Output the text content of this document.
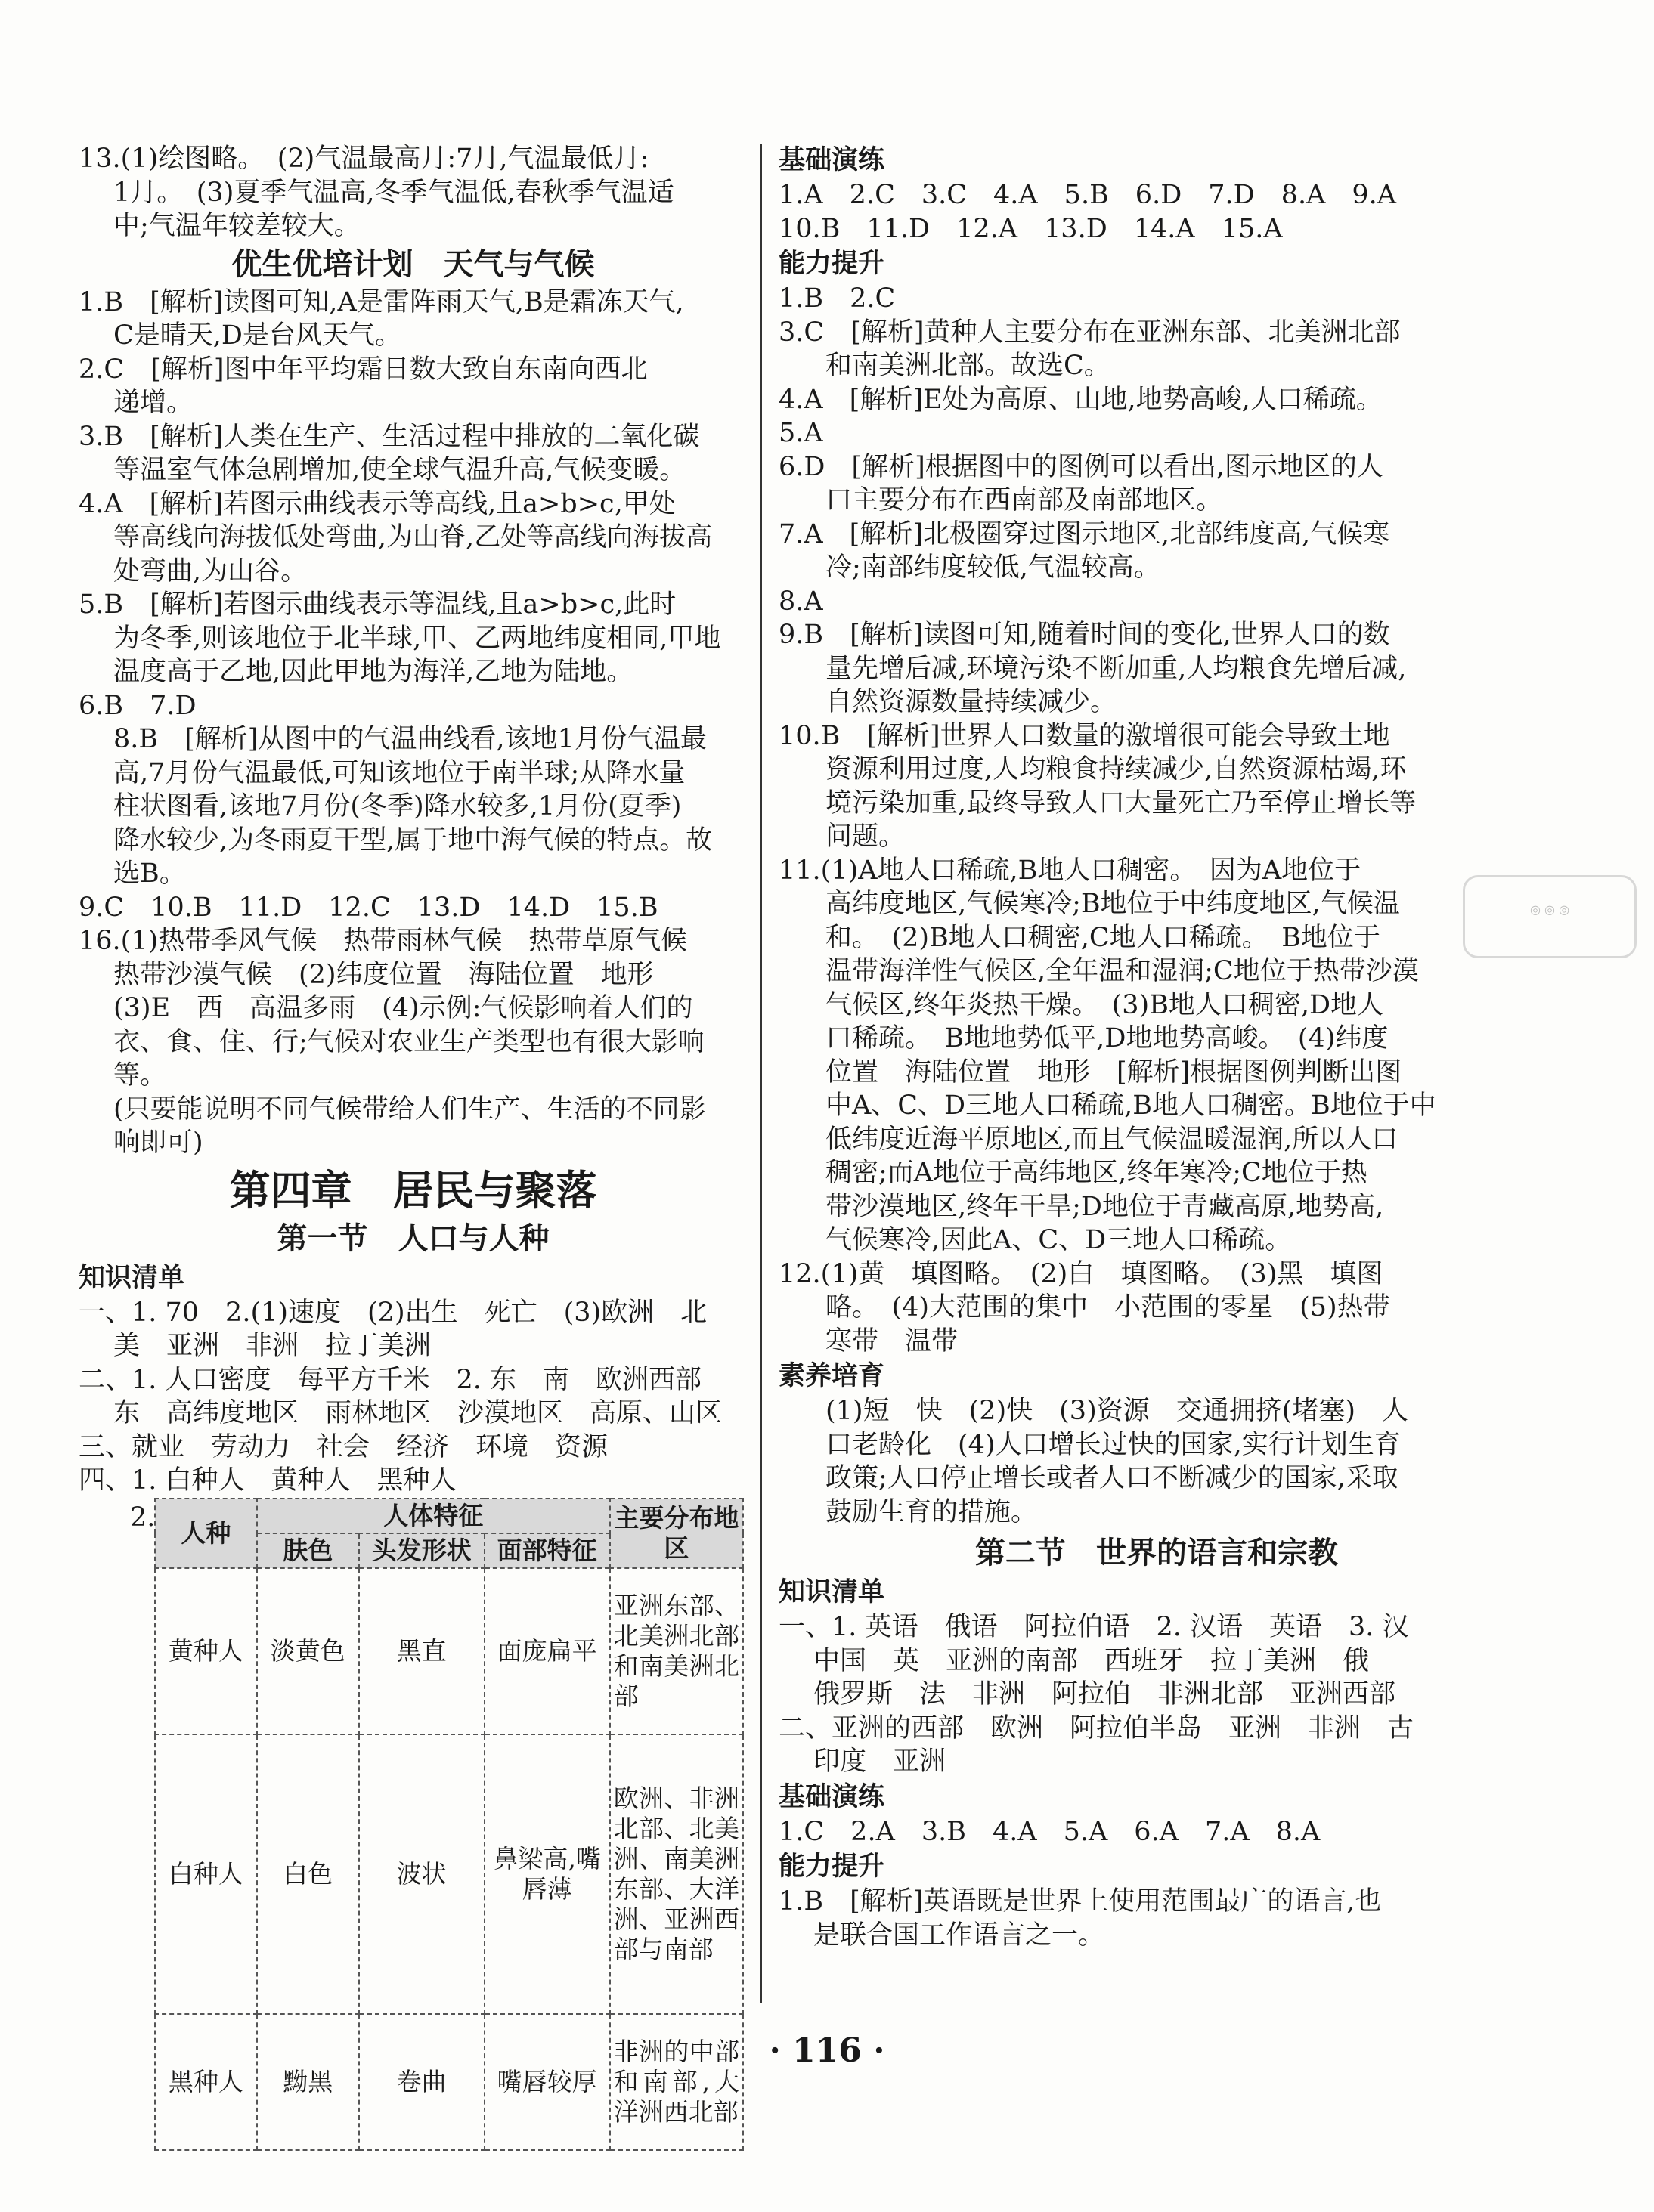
◎ ◎ ◎

13.(1)绘图略。　(2)气温最高月:7月,气温最低月:

1月。　(3)夏季气温高,冬季气温低,春秋季气温适

中;气温年较差较大。

优生优培计划　天气与气候

1.B　[解析]读图可知,A是雷阵雨天气,B是霜冻天气,

C是晴天,D是台风天气。

2.C　[解析]图中年平均霜日数大致自东南向西北

递增。

3.B　[解析]人类在生产、生活过程中排放的二氧化碳

等温室气体急剧增加,使全球气温升高,气候变暖。

4.A　[解析]若图示曲线表示等高线,且a>b>c,甲处

等高线向海拔低处弯曲,为山脊,乙处等高线向海拔高

处弯曲,为山谷。

5.B　[解析]若图示曲线表示等温线,且a>b>c,此时

为冬季,则该地位于北半球,甲、乙两地纬度相同,甲地

温度高于乙地,因此甲地为海洋,乙地为陆地。

6.B　7.D

8.B　[解析]从图中的气温曲线看,该地1月份气温最

高,7月份气温最低,可知该地位于南半球;从降水量

柱状图看,该地7月份(冬季)降水较多,1月份(夏季)

降水较少,为冬雨夏干型,属于地中海气候的特点。故

选B。

9.C　10.B　11.D　12.C　13.D　14.D　15.B

16.(1)热带季风气候　热带雨林气候　热带草原气候

热带沙漠气候　(2)纬度位置　海陆位置　地形

(3)E　西　高温多雨　(4)示例:气候影响着人们的

衣、食、住、行;气候对农业生产类型也有很大影响等。

(只要能说明不同气候带给人们生产、生活的不同影

响即可)

第四章　居民与聚落

第一节　人口与人种

知识清单

一、1. 70　2.(1)速度　(2)出生　死亡　(3)欧洲　北

美　亚洲　非洲　拉丁美洲

二、1. 人口密度　每平方千米　2. 东　南　欧洲西部

东　高纬度地区　雨林地区　沙漠地区　高原、山区

三、就业　劳动力　社会　经济　环境　资源

四、1. 白种人　黄种人　黑种人

2.
人种	人体特征			主要分布地区
	肤色	头发形状	面部特征	
黄种人	淡黄色	黑直	面庞扁平	亚洲东部、北美洲北部和南美洲北部
白种人	白色	波状	鼻梁高,嘴唇薄	欧洲、非洲北部、北美洲、南美洲东部、大洋洲、亚洲西部与南部
黑种人	黝黑	卷曲	嘴唇较厚	非洲的中部和南部,大洋洲西北部

基础演练

1.A　2.C　3.C　4.A　5.B　6.D　7.D　8.A　9.A

10.B　11.D　12.A　13.D　14.A　15.A

能力提升

1.B　2.C

3.C　[解析]黄种人主要分布在亚洲东部、北美洲北部

和南美洲北部。故选C。

4.A　[解析]E处为高原、山地,地势高峻,人口稀疏。

5.A

6.D　[解析]根据图中的图例可以看出,图示地区的人

口主要分布在西南部及南部地区。

7.A　[解析]北极圈穿过图示地区,北部纬度高,气候寒

冷;南部纬度较低,气温较高。

8.A

9.B　[解析]读图可知,随着时间的变化,世界人口的数

量先增后减,环境污染不断加重,人均粮食先增后减,

自然资源数量持续减少。

10.B　[解析]世界人口数量的激增很可能会导致土地

资源利用过度,人均粮食持续减少,自然资源枯竭,环

境污染加重,最终导致人口大量死亡乃至停止增长等

问题。

11.(1)A地人口稀疏,B地人口稠密。　因为A地位于

高纬度地区,气候寒冷;B地位于中纬度地区,气候温

和。　(2)B地人口稠密,C地人口稀疏。　B地位于

温带海洋性气候区,全年温和湿润;C地位于热带沙漠

气候区,终年炎热干燥。　(3)B地人口稠密,D地人

口稀疏。　B地地势低平,D地地势高峻。　(4)纬度

位置　海陆位置　地形　[解析]根据图例判断出图

中A、C、D三地人口稀疏,B地人口稠密。B地位于中

低纬度近海平原地区,而且气候温暖湿润,所以人口

稠密;而A地位于高纬地区,终年寒冷;C地位于热

带沙漠地区,终年干旱;D地位于青藏高原,地势高,

气候寒冷,因此A、C、D三地人口稀疏。

12.(1)黄　填图略。　(2)白　填图略。　(3)黑　填图

略。　(4)大范围的集中　小范围的零星　(5)热带

寒带　温带

素养培育

(1)短　快　(2)快　(3)资源　交通拥挤(堵塞)　人

口老龄化　(4)人口增长过快的国家,实行计划生育

政策;人口停止增长或者人口不断减少的国家,采取

鼓励生育的措施。

第二节　世界的语言和宗教

知识清单

一、1. 英语　俄语　阿拉伯语　2. 汉语　英语　3. 汉

中国　英　亚洲的南部　西班牙　拉丁美洲　俄

俄罗斯　法　非洲　阿拉伯　非洲北部　亚洲西部

二、亚洲的西部　欧洲　阿拉伯半岛　亚洲　非洲　古

印度　亚洲

基础演练

1.C　2.A　3.B　4.A　5.A　6.A　7.A　8.A

能力提升

1.B　[解析]英语既是世界上使用范围最广的语言,也

是联合国工作语言之一。

· 116 ·
